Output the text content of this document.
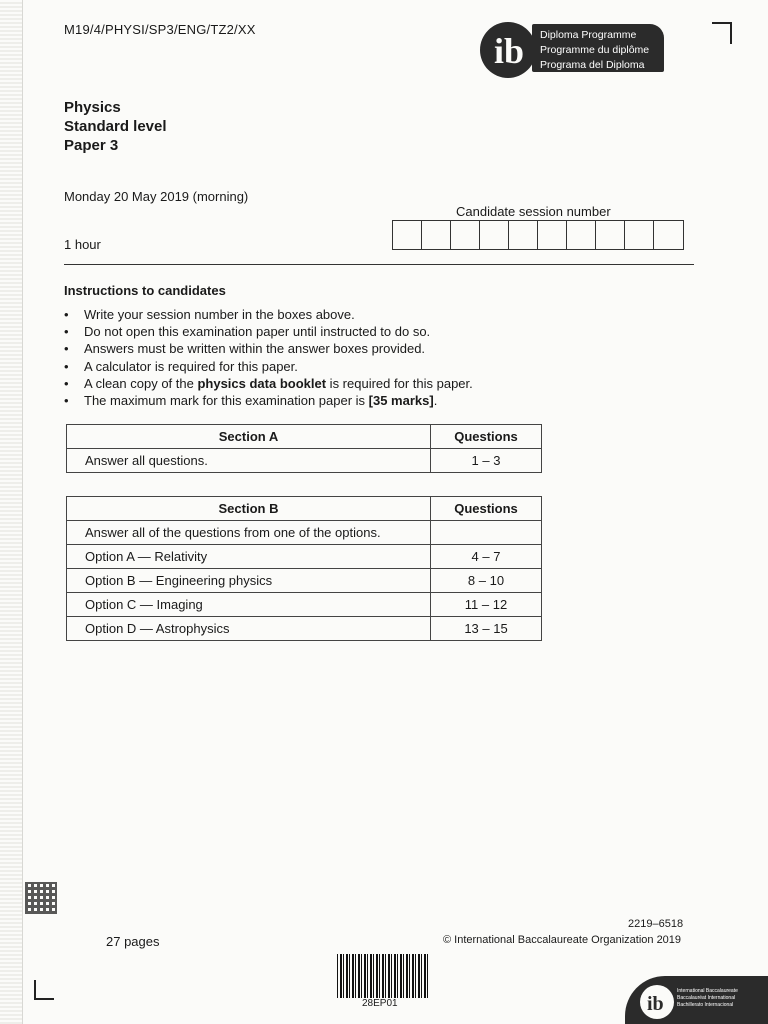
M19/4/PHYSI/SP3/ENG/TZ2/XX
ib Diploma Programme
Programme du diplôme
Programa del Diploma
Physics
Standard level
Paper 3
Monday 20 May 2019 (morning)
1 hour
Candidate session number
Instructions to candidates
• Write your session number in the boxes above.
• Do not open this examination paper until instructed to do so.
• Answers must be written within the answer boxes provided.
• A calculator is required for this paper.
• A clean copy of the physics data booklet is required for this paper.
• The maximum mark for this examination paper is [35 marks].
Section A	Questions
Answer all questions.	1 – 3
Section B	Questions
Answer all of the questions from one of the options.	
Option A — Relativity	4 – 7
Option B — Engineering physics	8 – 10
Option C — Imaging	11 – 12
Option D — Astrophysics	13 – 15
27 pages
2219–6518
© International Baccalaureate Organization 2019
28EP01	ib
International Baccalaureate
Baccalauréat International
Bachillerato Internacional
